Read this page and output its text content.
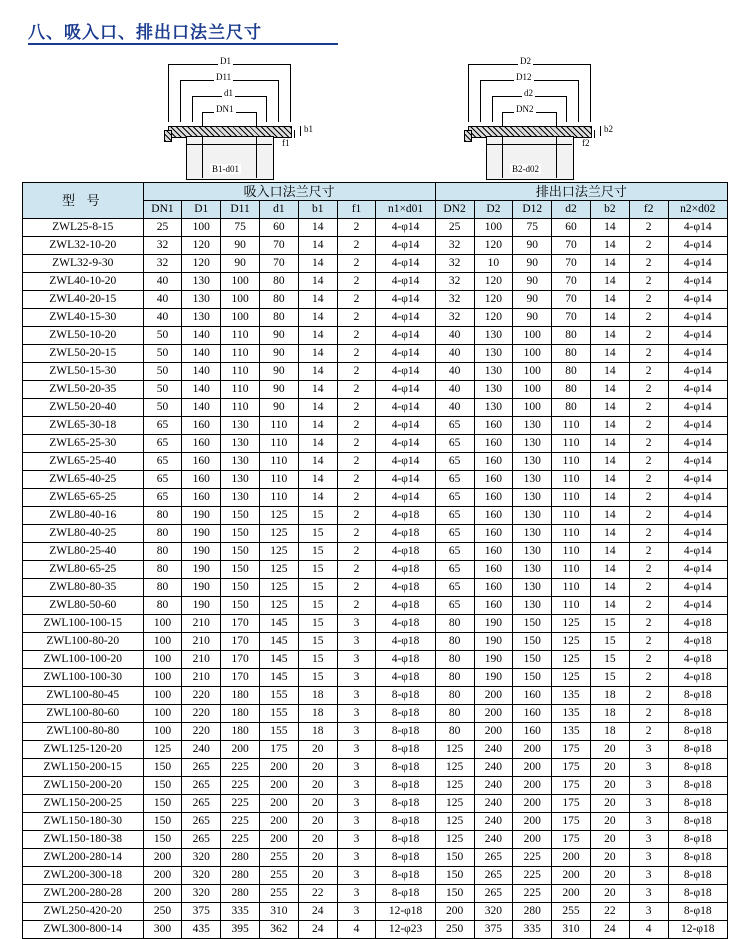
八、吸入口、排出口法兰尺寸
D1
D11
d1
DN1
b1
f1
B1-d01
D2
D12
d2
DN2
b2
f2
B2-d02
型 号	吸入口法兰尺寸							排出口法兰尺寸						
	DN1	D1	D11	d1	b1	f1	n1×d01	DN2	D2	D12	d2	b2	f2	n2×d02
ZWL25-8-15	25	100	75	60	14	2	4-φ14	25	100	75	60	14	2	4-φ14
ZWL32-10-20	32	120	90	70	14	2	4-φ14	32	120	90	70	14	2	4-φ14
ZWL32-9-30	32	120	90	70	14	2	4-φ14	32	10	90	70	14	2	4-φ14
ZWL40-10-20	40	130	100	80	14	2	4-φ14	32	120	90	70	14	2	4-φ14
ZWL40-20-15	40	130	100	80	14	2	4-φ14	32	120	90	70	14	2	4-φ14
ZWL40-15-30	40	130	100	80	14	2	4-φ14	32	120	90	70	14	2	4-φ14
ZWL50-10-20	50	140	110	90	14	2	4-φ14	40	130	100	80	14	2	4-φ14
ZWL50-20-15	50	140	110	90	14	2	4-φ14	40	130	100	80	14	2	4-φ14
ZWL50-15-30	50	140	110	90	14	2	4-φ14	40	130	100	80	14	2	4-φ14
ZWL50-20-35	50	140	110	90	14	2	4-φ14	40	130	100	80	14	2	4-φ14
ZWL50-20-40	50	140	110	90	14	2	4-φ14	40	130	100	80	14	2	4-φ14
ZWL65-30-18	65	160	130	110	14	2	4-φ14	65	160	130	110	14	2	4-φ14
ZWL65-25-30	65	160	130	110	14	2	4-φ14	65	160	130	110	14	2	4-φ14
ZWL65-25-40	65	160	130	110	14	2	4-φ14	65	160	130	110	14	2	4-φ14
ZWL65-40-25	65	160	130	110	14	2	4-φ14	65	160	130	110	14	2	4-φ14
ZWL65-65-25	65	160	130	110	14	2	4-φ14	65	160	130	110	14	2	4-φ14
ZWL80-40-16	80	190	150	125	15	2	4-φ18	65	160	130	110	14	2	4-φ14
ZWL80-40-25	80	190	150	125	15	2	4-φ18	65	160	130	110	14	2	4-φ14
ZWL80-25-40	80	190	150	125	15	2	4-φ18	65	160	130	110	14	2	4-φ14
ZWL80-65-25	80	190	150	125	15	2	4-φ18	65	160	130	110	14	2	4-φ14
ZWL80-80-35	80	190	150	125	15	2	4-φ18	65	160	130	110	14	2	4-φ14
ZWL80-50-60	80	190	150	125	15	2	4-φ18	65	160	130	110	14	2	4-φ14
ZWL100-100-15	100	210	170	145	15	3	4-φ18	80	190	150	125	15	2	4-φ18
ZWL100-80-20	100	210	170	145	15	3	4-φ18	80	190	150	125	15	2	4-φ18
ZWL100-100-20	100	210	170	145	15	3	4-φ18	80	190	150	125	15	2	4-φ18
ZWL100-100-30	100	210	170	145	15	3	4-φ18	80	190	150	125	15	2	4-φ18
ZWL100-80-45	100	220	180	155	18	3	8-φ18	80	200	160	135	18	2	8-φ18
ZWL100-80-60	100	220	180	155	18	3	8-φ18	80	200	160	135	18	2	8-φ18
ZWL100-80-80	100	220	180	155	18	3	8-φ18	80	200	160	135	18	2	8-φ18
ZWL125-120-20	125	240	200	175	20	3	8-φ18	125	240	200	175	20	3	8-φ18
ZWL150-200-15	150	265	225	200	20	3	8-φ18	125	240	200	175	20	3	8-φ18
ZWL150-200-20	150	265	225	200	20	3	8-φ18	125	240	200	175	20	3	8-φ18
ZWL150-200-25	150	265	225	200	20	3	8-φ18	125	240	200	175	20	3	8-φ18
ZWL150-180-30	150	265	225	200	20	3	8-φ18	125	240	200	175	20	3	8-φ18
ZWL150-180-38	150	265	225	200	20	3	8-φ18	125	240	200	175	20	3	8-φ18
ZWL200-280-14	200	320	280	255	20	3	8-φ18	150	265	225	200	20	3	8-φ18
ZWL200-300-18	200	320	280	255	20	3	8-φ18	150	265	225	200	20	3	8-φ18
ZWL200-280-28	200	320	280	255	22	3	8-φ18	150	265	225	200	20	3	8-φ18
ZWL250-420-20	250	375	335	310	24	3	12-φ18	200	320	280	255	22	3	8-φ18
ZWL300-800-14	300	435	395	362	24	4	12-φ23	250	375	335	310	24	4	12-φ18
